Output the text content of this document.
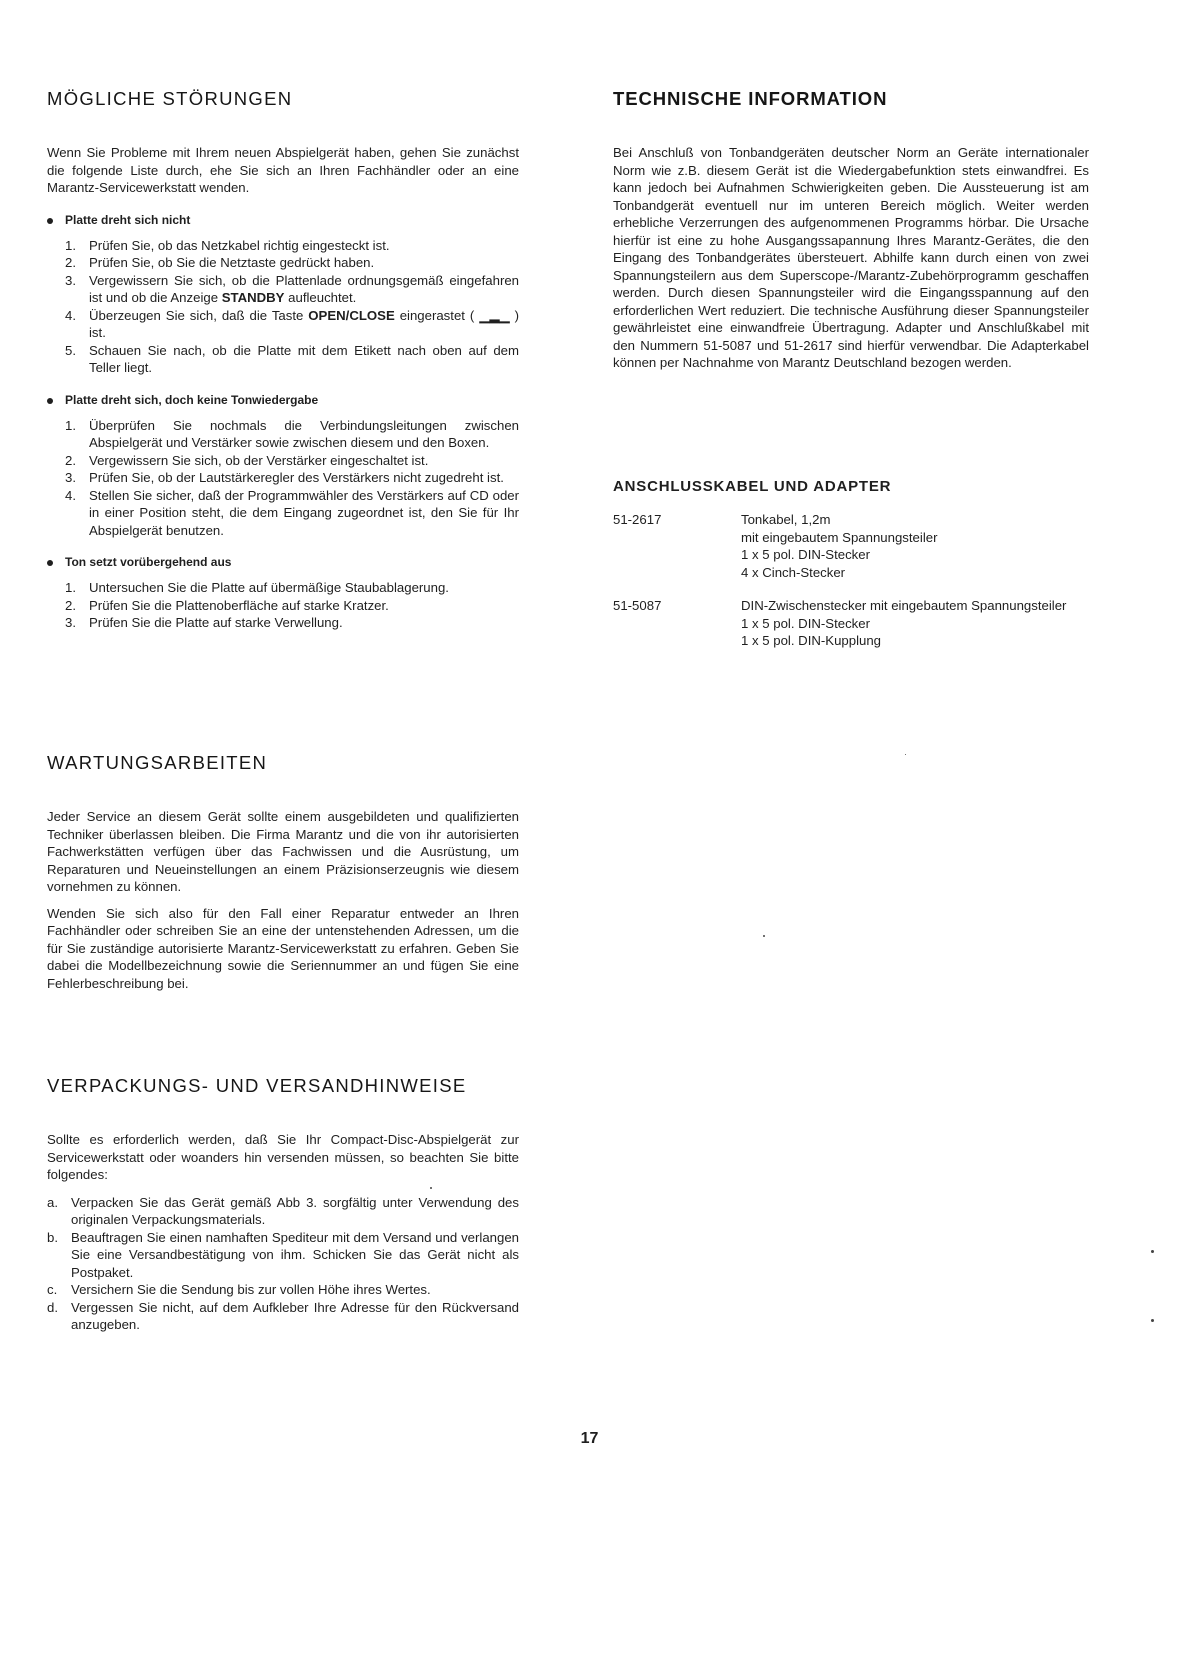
MÖGLICHE STÖRUNGEN

Wenn Sie Probleme mit Ihrem neuen Abspielgerät haben, gehen Sie zunächst die folgende Liste durch, ehe Sie sich an Ihren Fachhändler oder an eine Marantz-Servicewerkstatt wenden.

Platte dreht sich nicht
1. Prüfen Sie, ob das Netzkabel richtig eingesteckt ist.
2. Prüfen Sie, ob Sie die Netztaste gedrückt haben.
3. Vergewissern Sie sich, ob die Plattenlade ordnungsgemäß eingefahren ist und ob die Anzeige STANDBY aufleuchtet.
4. Überzeugen Sie sich, daß die Taste OPEN/CLOSE eingerastet ( ▁▂▁ ) ist.
5. Schauen Sie nach, ob die Platte mit dem Etikett nach oben auf dem Teller liegt.
Platte dreht sich, doch keine Tonwiedergabe
1. Überprüfen Sie nochmals die Verbindungsleitungen zwischen Abspielgerät und Verstärker sowie zwischen diesem und den Boxen.
2. Vergewissern Sie sich, ob der Verstärker eingeschaltet ist.
3. Prüfen Sie, ob der Lautstärkeregler des Verstärkers nicht zugedreht ist.
4. Stellen Sie sicher, daß der Programmwähler des Verstärkers auf CD oder in einer Position steht, die dem Eingang zugeordnet ist, den Sie für Ihr Abspielgerät benutzen.
Ton setzt vorübergehend aus
1. Untersuchen Sie die Platte auf übermäßige Staubablagerung.
2. Prüfen Sie die Plattenoberfläche auf starke Kratzer.
3. Prüfen Sie die Platte auf starke Verwellung.
WARTUNGSARBEITEN

Jeder Service an diesem Gerät sollte einem ausgebildeten und qualifizierten Techniker überlassen bleiben. Die Firma Marantz und die von ihr autorisierten Fachwerkstätten verfügen über das Fachwissen und die Ausrüstung, um Reparaturen und Neueinstellungen an einem Präzisionserzeugnis wie diesem vornehmen zu können.

Wenden Sie sich also für den Fall einer Reparatur entweder an Ihren Fachhändler oder schreiben Sie an eine der untenstehenden Adressen, um die für Sie zuständige autorisierte Marantz-Servicewerkstatt zu erfahren. Geben Sie dabei die Modellbezeichnung sowie die Seriennummer an und fügen Sie eine Fehlerbeschreibung bei.

VERPACKUNGS- UND VERSANDHINWEISE

Sollte es erforderlich werden, daß Sie Ihr Compact-Disc-Abspielgerät zur Servicewerkstatt oder woanders hin versenden müssen, so beachten Sie bitte folgendes:

a. Verpacken Sie das Gerät gemäß Abb 3. sorgfältig unter Verwendung des originalen Verpackungsmaterials.
b. Beauftragen Sie einen namhaften Spediteur mit dem Versand und verlangen Sie eine Versandbestätigung von ihm. Schicken Sie das Gerät nicht als Postpaket.
c. Versichern Sie die Sendung bis zur vollen Höhe ihres Wertes.
d. Vergessen Sie nicht, auf dem Aufkleber Ihre Adresse für den Rückversand anzugeben.
TECHNISCHE INFORMATION

Bei Anschluß von Tonbandgeräten deutscher Norm an Geräte internationaler Norm wie z.B. diesem Gerät ist die Wiedergabefunktion stets einwandfrei. Es kann jedoch bei Aufnahmen Schwierigkeiten geben. Die Aussteuerung ist am Tonbandgerät eventuell nur im unteren Bereich möglich. Weiter werden erhebliche Verzerrungen des aufgenommenen Programms hörbar. Die Ursache hierfür ist eine zu hohe Ausgangssapannung Ihres Marantz-Gerätes, die den Eingang des Tonbandgerätes übersteuert. Abhilfe kann durch einen von zwei Spannungsteilern aus dem Superscope-/Marantz-Zubehörprogramm geschaffen werden. Durch diesen Spannungsteiler wird die Eingangsspannung auf den erforderlichen Wert reduziert. Die technische Ausführung dieser Spannungsteiler gewährleistet eine einwandfreie Übertragung. Adapter und Anschlußkabel mit den Nummern 51-5087 und 51-2617 sind hierfür verwendbar. Die Adapterkabel können per Nachnahme von Marantz Deutschland bezogen werden.

ANSCHLUSSKABEL UND ADAPTER
51-2617	Tonkabel, 1,2m
mit eingebautem Spannungsteiler
1 x 5 pol. DIN-Stecker
4 x Cinch-Stecker
51-5087	DIN-Zwischenstecker mit eingebautem Spannungsteiler
1 x 5 pol. DIN-Stecker
1 x 5 pol. DIN-Kupplung
17
